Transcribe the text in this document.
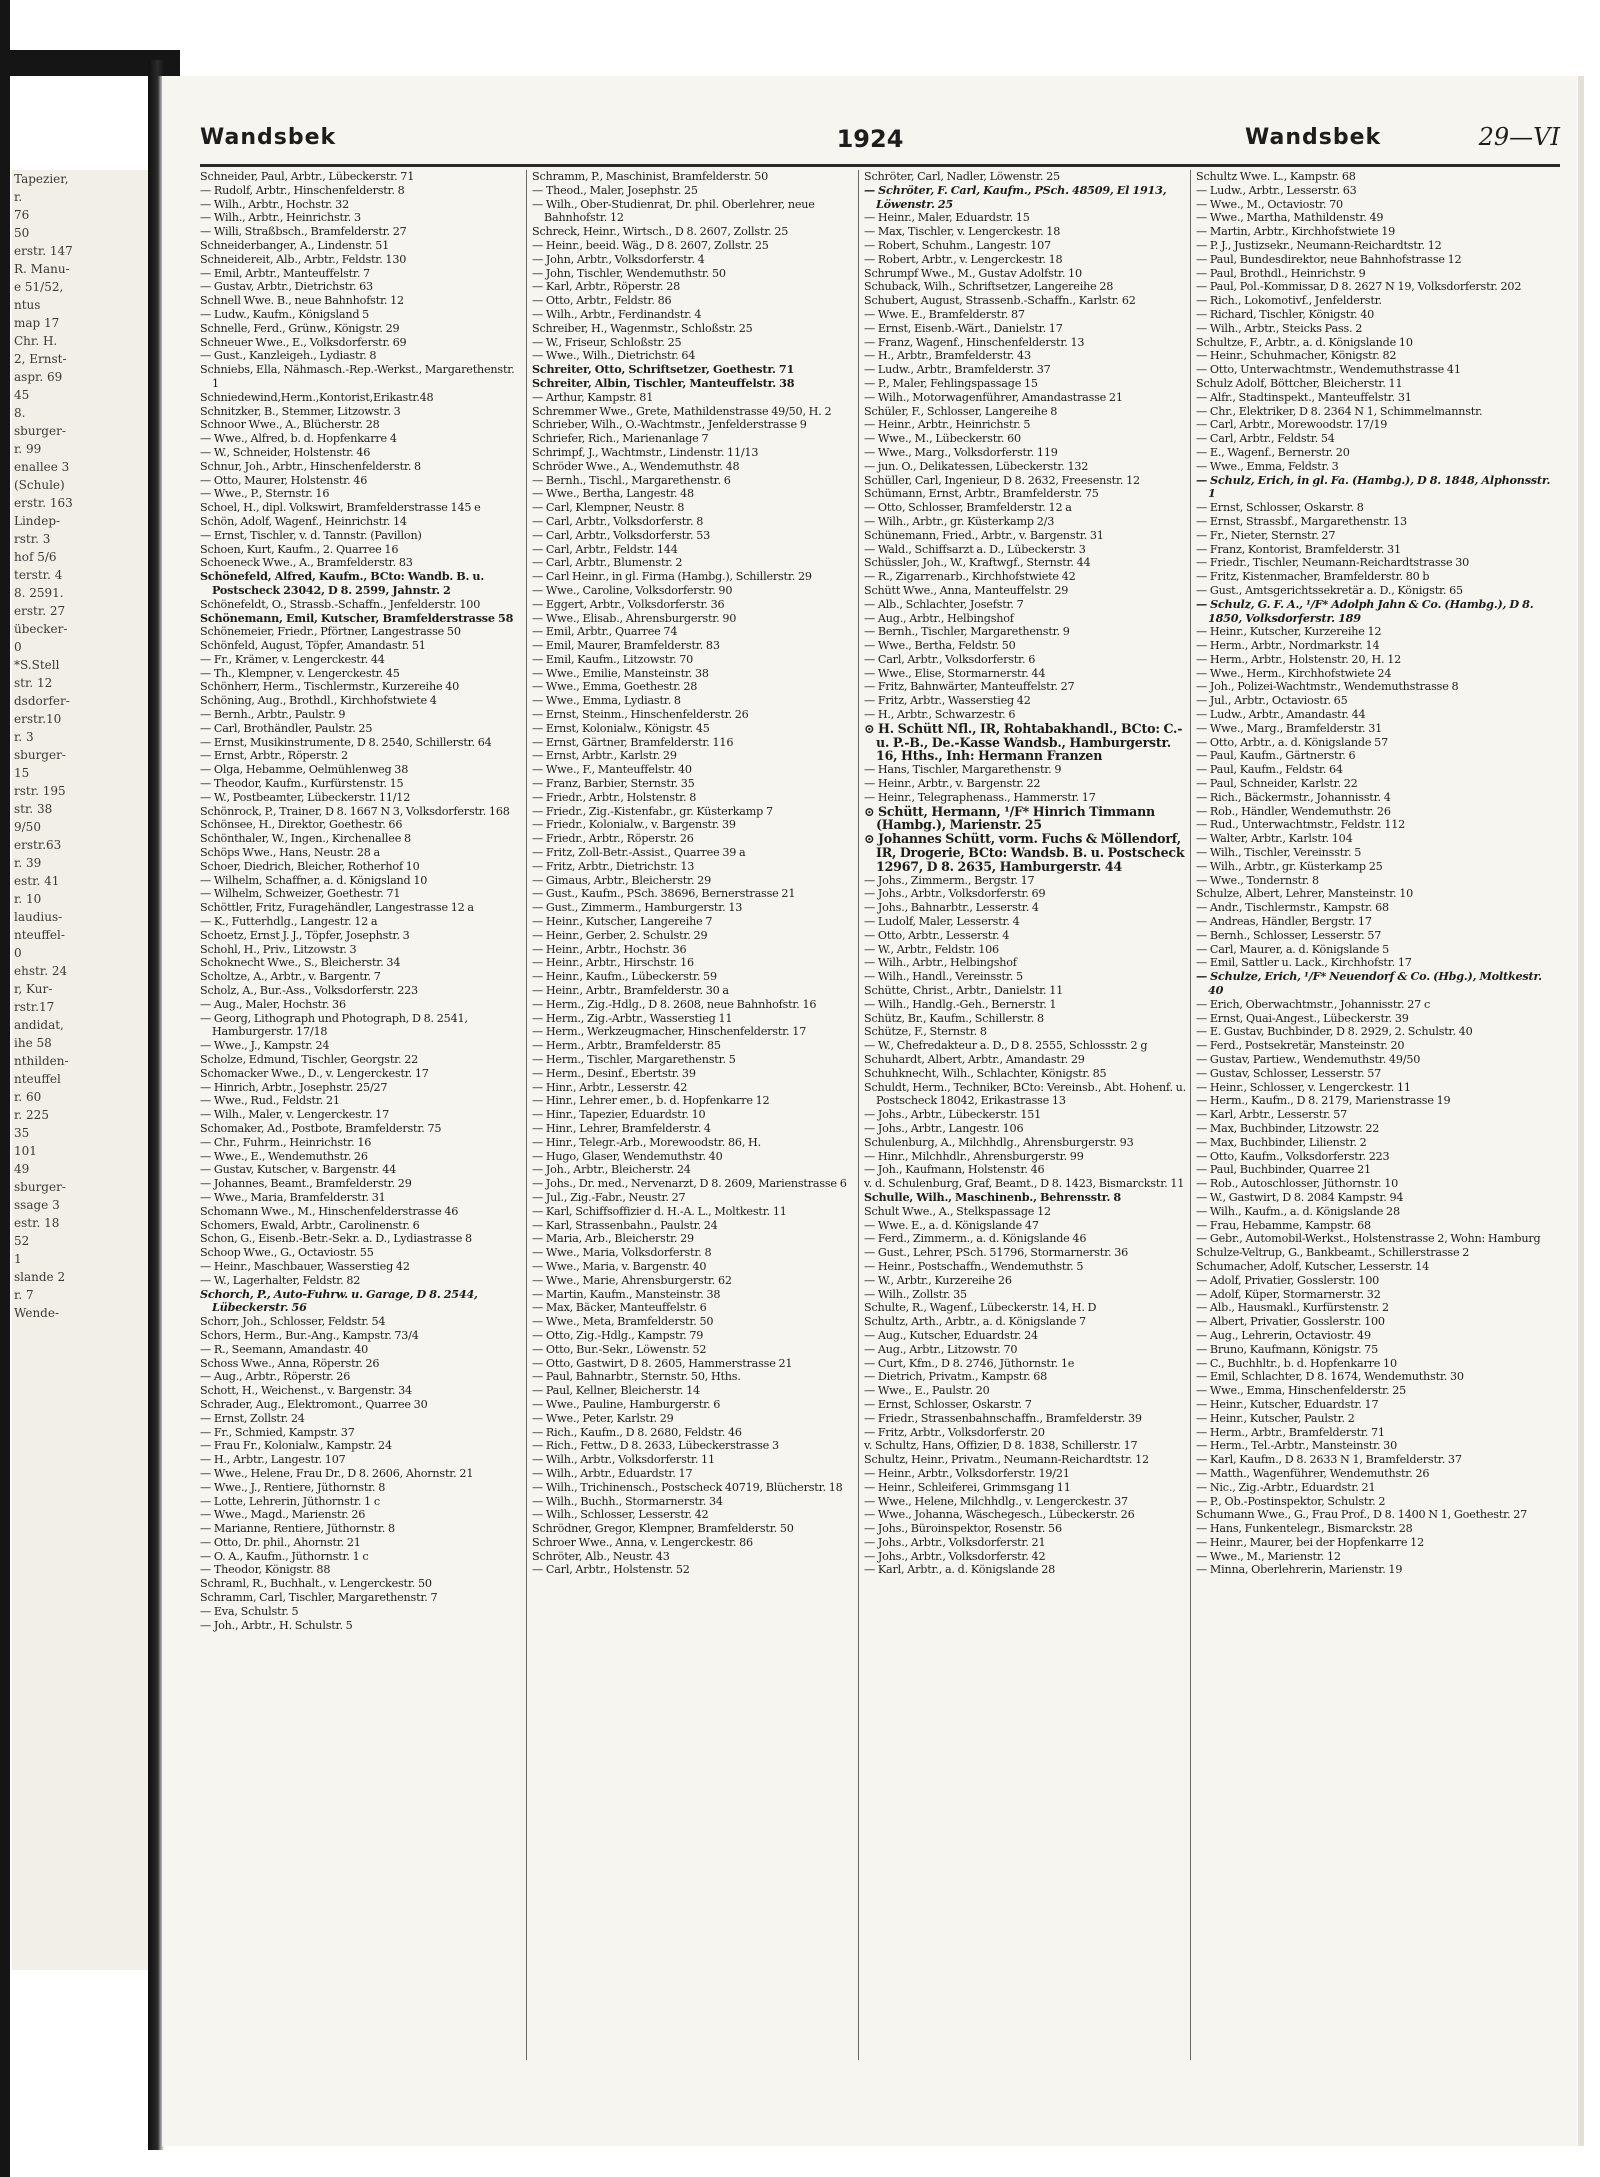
Tapezier,
r.
76
50
erstr. 147
R. Manu-
e 51/52,
ntus
map 17
Chr. H.
2, Ernst-
aspr. 69
45
8.
sburger-
r. 99
enallee 3
(Schule)
erstr. 163
Lindep-
rstr. 3
hof 5/6
terstr. 4
8. 2591.
erstr. 27
übecker-
0
*S.Stell
str. 12
dsdorfer-
erstr.10
r. 3
sburger-
15
rstr. 195
str. 38
9/50
erstr.63
r. 39
estr. 41
r. 10
laudius-
nteuffel-
0
ehstr. 24
r, Kur-
rstr.17
andidat,
ihe 58
nthilden-
nteuffel
r. 60
r. 225
35
101
49
sburger-
ssage 3
estr. 18
52
1
slande 2
r. 7
Wende-
Wandsbek	1924	Wandsbek	29—VI
Schneider, Paul, Arbtr., Lübeckerstr. 71
— Rudolf, Arbtr., Hinschenfelderstr. 8
— Wilh., Arbtr., Hochstr. 32
— Wilh., Arbtr., Heinrichstr. 3
— Willi, Straßbsch., Bramfelderstr. 27
Schneiderbanger, A., Lindenstr. 51
Schneidereit, Alb., Arbtr., Feldstr. 130
— Emil, Arbtr., Manteuffelstr. 7
— Gustav, Arbtr., Dietrichstr. 63
Schnell Wwe. B., neue Bahnhofstr. 12
— Ludw., Kaufm., Königsland 5
Schnelle, Ferd., Grünw., Königstr. 29
Schneuer Wwe., E., Volksdorferstr. 69
— Gust., Kanzleigeh., Lydiastr. 8
Schniebs, Ella, Nähmasch.-Rep.-Werkst., Margarethenstr. 1
Schniedewind,Herm.,Kontorist,Erikastr.48
Schnitzker, B., Stemmer, Litzowstr. 3
Schnoor Wwe., A., Blücherstr. 28
— Wwe., Alfred, b. d. Hopfenkarre 4
— W., Schneider, Holstenstr. 46
Schnur, Joh., Arbtr., Hinschenfelderstr. 8
— Otto, Maurer, Holstenstr. 46
— Wwe., P., Sternstr. 16
Schoel, H., dipl. Volkswirt, Bramfelderstrasse 145 e
Schön, Adolf, Wagenf., Heinrichstr. 14
— Ernst, Tischler, v. d. Tannstr. (Pavillon)
Schoen, Kurt, Kaufm., 2. Quarree 16
Schoeneck Wwe., A., Bramfelderstr. 83
Schönefeld, Alfred, Kaufm., BCto: Wandb. B. u. Postscheck 23042, D 8. 2599, Jahnstr. 2
Schönefeldt, O., Strassb.-Schaffn., Jenfelderstr. 100
Schönemann, Emil, Kutscher, Bramfelderstrasse 58
Schönemeier, Friedr., Pförtner, Langestrasse 50
Schönfeld, August, Töpfer, Amandastr. 51
— Fr., Krämer, v. Lengerckestr. 44
— Th., Klempner, v. Lengerckestr. 45
Schönherr, Herm., Tischlermstr., Kurzereihe 40
Schöning, Aug., Brothdl., Kirchhofstwiete 4
— Bernh., Arbtr., Paulstr. 9
— Carl, Brothändler, Paulstr. 25
— Ernst, Musikinstrumente, D 8. 2540, Schillerstr. 64
— Ernst, Arbtr., Röperstr. 2
— Olga, Hebamme, Oelmühlenweg 38
— Theodor, Kaufm., Kurfürstenstr. 15
— W., Postbeamter, Lübeckerstr. 11/12
Schönrock, P., Trainer, D 8. 1667 N 3, Volksdorferstr. 168
Schönsee, H., Direktor, Goethestr. 66
Schönthaler, W., Ingen., Kirchenallee 8
Schöps Wwe., Hans, Neustr. 28 a
Schoer, Diedrich, Bleicher, Rotherhof 10
— Wilhelm, Schaffner, a. d. Königsland 10
— Wilhelm, Schweizer, Goethestr. 71
Schöttler, Fritz, Furagehändler, Langestrasse 12 a
— K., Futterhdlg., Langestr. 12 a
Schoetz, Ernst J. J., Töpfer, Josephstr. 3
Schohl, H., Priv., Litzowstr. 3
Schoknecht Wwe., S., Bleicherstr. 34
Scholtze, A., Arbtr., v. Bargentr. 7
Scholz, A., Bur.-Ass., Volksdorferstr. 223
— Aug., Maler, Hochstr. 36
— Georg, Lithograph und Photograph, D 8. 2541, Hamburgerstr. 17/18
— Wwe., J., Kampstr. 24
Scholze, Edmund, Tischler, Georgstr. 22
Schomacker Wwe., D., v. Lengerckestr. 17
— Hinrich, Arbtr., Josephstr. 25/27
— Wwe., Rud., Feldstr. 21
— Wilh., Maler, v. Lengerckestr. 17
Schomaker, Ad., Postbote, Bramfelderstr. 75
— Chr., Fuhrm., Heinrichstr. 16
— Wwe., E., Wendemuthstr. 26
— Gustav, Kutscher, v. Bargenstr. 44
— Johannes, Beamt., Bramfelderstr. 29
— Wwe., Maria, Bramfelderstr. 31
Schomann Wwe., M., Hinschenfelderstrasse 46
Schomers, Ewald, Arbtr., Carolinenstr. 6
Schon, G., Eisenb.-Betr.-Sekr. a. D., Lydiastrasse 8
Schoop Wwe., G., Octaviostr. 55
— Heinr., Maschbauer, Wasserstieg 42
— W., Lagerhalter, Feldstr. 82
Schorch, P., Auto-Fuhrw. u. Garage, D 8. 2544, Lübeckerstr. 56
Schorr, Joh., Schlosser, Feldstr. 54
Schors, Herm., Bur.-Ang., Kampstr. 73/4
— R., Seemann, Amandastr. 40
Schoss Wwe., Anna, Röperstr. 26
— Aug., Arbtr., Röperstr. 26
Schott, H., Weichenst., v. Bargenstr. 34
Schrader, Aug., Elektromont., Quarree 30
— Ernst, Zollstr. 24
— Fr., Schmied, Kampstr. 37
— Frau Fr., Kolonialw., Kampstr. 24
— H., Arbtr., Langestr. 107
— Wwe., Helene, Frau Dr., D 8. 2606, Ahornstr. 21
— Wwe., J., Rentiere, Jüthornstr. 8
— Lotte, Lehrerin, Jüthornstr. 1 c
— Wwe., Magd., Marienstr. 26
— Marianne, Rentiere, Jüthornstr. 8
— Otto, Dr. phil., Ahornstr. 21
— O. A., Kaufm., Jüthornstr. 1 c
— Theodor, Königstr. 88
Schraml, R., Buchhalt., v. Lengerckestr. 50
Schramm, Carl, Tischler, Margarethenstr. 7
— Eva, Schulstr. 5
— Joh., Arbtr., H. Schulstr. 5
Schramm, P., Maschinist, Bramfelderstr. 50
— Theod., Maler, Josephstr. 25
— Wilh., Ober-Studienrat, Dr. phil. Oberlehrer, neue Bahnhofstr. 12
Schreck, Heinr., Wirtsch., D 8. 2607, Zollstr. 25
— Heinr., beeid. Wäg., D 8. 2607, Zollstr. 25
— John, Arbtr., Volksdorferstr. 4
— John, Tischler, Wendemuthstr. 50
— Karl, Arbtr., Röperstr. 28
— Otto, Arbtr., Feldstr. 86
— Wilh., Arbtr., Ferdinandstr. 4
Schreiber, H., Wagenmstr., Schloßstr. 25
— W., Friseur, Schloßstr. 25
— Wwe., Wilh., Dietrichstr. 64
Schreiter, Otto, Schriftsetzer, Goethestr. 71
Schreiter, Albin, Tischler, Manteuffelstr. 38
— Arthur, Kampstr. 81
Schremmer Wwe., Grete, Mathildenstrasse 49/50, H. 2
Schrieber, Wilh., O.-Wachtmstr., Jenfelderstrasse 9
Schriefer, Rich., Marienanlage 7
Schrimpf, J., Wachtmstr., Lindenstr. 11/13
Schröder Wwe., A., Wendemuthstr. 48
— Bernh., Tischl., Margarethenstr. 6
— Wwe., Bertha, Langestr. 48
— Carl, Klempner, Neustr. 8
— Carl, Arbtr., Volksdorferstr. 8
— Carl, Arbtr., Volksdorferstr. 53
— Carl, Arbtr., Feldstr. 144
— Carl, Arbtr., Blumenstr. 2
— Carl Heinr., in gl. Firma (Hambg.), Schillerstr. 29
— Wwe., Caroline, Volksdorferstr. 90
— Eggert, Arbtr., Volksdorferstr. 36
— Wwe., Elisab., Ahrensburgerstr. 90
— Emil, Arbtr., Quarree 74
— Emil, Maurer, Bramfelderstr. 83
— Emil, Kaufm., Litzowstr. 70
— Wwe., Emilie, Mansteinstr. 38
— Wwe., Emma, Goethestr. 28
— Wwe., Emma, Lydiastr. 8
— Ernst, Steinm., Hinschenfelderstr. 26
— Ernst, Kolonialw., Königstr. 45
— Ernst, Gärtner, Bramfelderstr. 116
— Ernst, Arbtr., Karlstr. 29
— Wwe., F., Manteuffelstr. 40
— Franz, Barbier, Sternstr. 35
— Friedr., Arbtr., Holstenstr. 8
— Friedr., Zig.-Kistenfabr., gr. Küsterkamp 7
— Friedr., Kolonialw., v. Bargenstr. 39
— Friedr., Arbtr., Röperstr. 26
— Fritz, Zoll-Betr.-Assist., Quarree 39 a
— Fritz, Arbtr., Dietrichstr. 13
— Gimaus, Arbtr., Bleicherstr. 29
— Gust., Kaufm., PSch. 38696, Bernerstrasse 21
— Gust., Zimmerm., Hamburgerstr. 13
— Heinr., Kutscher, Langereihe 7
— Heinr., Gerber, 2. Schulstr. 29
— Heinr., Arbtr., Hochstr. 36
— Heinr., Arbtr., Hirschstr. 16
— Heinr., Kaufm., Lübeckerstr. 59
— Heinr., Arbtr., Bramfelderstr. 30 a
— Herm., Zig.-Hdlg., D 8. 2608, neue Bahnhofstr. 16
— Herm., Zig.-Arbtr., Wasserstieg 11
— Herm., Werkzeugmacher, Hinschenfelderstr. 17
— Herm., Arbtr., Bramfelderstr. 85
— Herm., Tischler, Margarethenstr. 5
— Herm., Desinf., Ebertstr. 39
— Hinr., Arbtr., Lesserstr. 42
— Hinr., Lehrer emer., b. d. Hopfenkarre 12
— Hinr., Tapezier, Eduardstr. 10
— Hinr., Lehrer, Bramfelderstr. 4
— Hinr., Telegr.-Arb., Morewoodstr. 86, H.
— Hugo, Glaser, Wendemuthstr. 40
— Joh., Arbtr., Bleicherstr. 24
— Johs., Dr. med., Nervenarzt, D 8. 2609, Marienstrasse 6
— Jul., Zig.-Fabr., Neustr. 27
— Karl, Schiffsoffizier d. H.-A. L., Moltkestr. 11
— Karl, Strassenbahn., Paulstr. 24
— Maria, Arb., Bleicherstr. 29
— Wwe., Maria, Volksdorferstr. 8
— Wwe., Maria, v. Bargenstr. 40
— Wwe., Marie, Ahrensburgerstr. 62
— Martin, Kaufm., Mansteinstr. 38
— Max, Bäcker, Manteuffelstr. 6
— Wwe., Meta, Bramfelderstr. 50
— Otto, Zig.-Hdlg., Kampstr. 79
— Otto, Bur.-Sekr., Löwenstr. 52
— Otto, Gastwirt, D 8. 2605, Hammerstrasse 21
— Paul, Bahnarbtr., Sternstr. 50, Hths.
— Paul, Kellner, Bleicherstr. 14
— Wwe., Pauline, Hamburgerstr. 6
— Wwe., Peter, Karlstr. 29
— Rich., Kaufm., D 8. 2680, Feldstr. 46
— Rich., Fettw., D 8. 2633, Lübeckerstrasse 3
— Wilh., Arbtr., Volksdorferstr. 11
— Wilh., Arbtr., Eduardstr. 17
— Wilh., Trichinensch., Postscheck 40719, Blücherstr. 18
— Wilh., Buchh., Stormarnerstr. 34
— Wilh., Schlosser, Lesserstr. 42
Schrödner, Gregor, Klempner, Bramfelderstr. 50
Schroer Wwe., Anna, v. Lengerckestr. 86
Schröter, Alb., Neustr. 43
— Carl, Arbtr., Holstenstr. 52
Schröter, Carl, Nadler, Löwenstr. 25
— Schröter, F. Carl, Kaufm., PSch. 48509, El 1913, Löwenstr. 25
— Heinr., Maler, Eduardstr. 15
— Max, Tischler, v. Lengerckestr. 18
— Robert, Schuhm., Langestr. 107
— Robert, Arbtr., v. Lengerckestr. 18
Schrumpf Wwe., M., Gustav Adolfstr. 10
Schuback, Wilh., Schriftsetzer, Langereihe 28
Schubert, August, Strassenb.-Schaffn., Karlstr. 62
— Wwe. E., Bramfelderstr. 87
— Ernst, Eisenb.-Wärt., Danielstr. 17
— Franz, Wagenf., Hinschenfelderstr. 13
— H., Arbtr., Bramfelderstr. 43
— Ludw., Arbtr., Bramfelderstr. 37
— P., Maler, Fehlingspassage 15
— Wilh., Motorwagenführer, Amandastrasse 21
Schüler, F., Schlosser, Langereihe 8
— Heinr., Arbtr., Heinrichstr. 5
— Wwe., M., Lübeckerstr. 60
— Wwe., Marg., Volksdorferstr. 119
— jun. O., Delikatessen, Lübeckerstr. 132
Schüller, Carl, Ingenieur, D 8. 2632, Freesenstr. 12
Schümann, Ernst, Arbtr., Bramfelderstr. 75
— Otto, Schlosser, Bramfelderstr. 12 a
— Wilh., Arbtr., gr. Küsterkamp 2/3
Schünemann, Fried., Arbtr., v. Bargenstr. 31
— Wald., Schiffsarzt a. D., Lübeckerstr. 3
Schüssler, Joh., W., Kraftwgf., Sternstr. 44
— R., Zigarrenarb., Kirchhofstwiete 42
Schütt Wwe., Anna, Manteuffelstr. 29
— Alb., Schlachter, Josefstr. 7
— Aug., Arbtr., Helbingshof
— Bernh., Tischler, Margarethenstr. 9
— Wwe., Bertha, Feldstr. 50
— Carl, Arbtr., Volksdorferstr. 6
— Wwe., Elise, Stormarnerstr. 44
— Fritz, Bahnwärter, Manteuffelstr. 27
— Fritz, Arbtr., Wasserstieg 42
— H., Arbtr., Schwarzestr. 6
⊙ H. Schütt Nfl., IR, Rohtabakhandl., BCto: C.- u. P.-B., De.-Kasse Wandsb., Hamburgerstr. 16, Hths., Inh: Hermann Franzen
— Hans, Tischler, Margarethenstr. 9
— Heinr., Arbtr., v. Bargenstr. 22
— Heinr., Telegraphenass., Hammerstr. 17
⊙ Schütt, Hermann, ¹/F* Hinrich Timmann (Hambg.), Marienstr. 25
⊙ Johannes Schütt, vorm. Fuchs & Möllendorf, IR, Drogerie, BCto: Wandsb. B. u. Postscheck 12967, D 8. 2635, Hamburgerstr. 44
— Johs., Zimmerm., Bergstr. 17
— Johs., Arbtr., Volksdorferstr. 69
— Johs., Bahnarbtr., Lesserstr. 4
— Ludolf, Maler, Lesserstr. 4
— Otto, Arbtr., Lesserstr. 4
— W., Arbtr., Feldstr. 106
— Wilh., Arbtr., Helbingshof
— Wilh., Handl., Vereinsstr. 5
Schütte, Christ., Arbtr., Danielstr. 11
— Wilh., Handlg.-Geh., Bernerstr. 1
Schütz, Br., Kaufm., Schillerstr. 8
Schütze, F., Sternstr. 8
— W., Chefredakteur a. D., D 8. 2555, Schlossstr. 2 g
Schuhardt, Albert, Arbtr., Amandastr. 29
Schuhknecht, Wilh., Schlachter, Königstr. 85
Schuldt, Herm., Techniker, BCto: Vereinsb., Abt. Hohenf. u. Postscheck 18042, Erikastrasse 13
— Johs., Arbtr., Lübeckerstr. 151
— Johs., Arbtr., Langestr. 106
Schulenburg, A., Milchhdlg., Ahrensburgerstr. 93
— Hinr., Milchhdlr., Ahrensburgerstr. 99
— Joh., Kaufmann, Holstenstr. 46
v. d. Schulenburg, Graf, Beamt., D 8. 1423, Bismarckstr. 11
Schulle, Wilh., Maschinenb., Behrensstr. 8
Schult Wwe., A., Stelkspassage 12
— Wwe. E., a. d. Königslande 47
— Ferd., Zimmerm., a. d. Königslande 46
— Gust., Lehrer, PSch. 51796, Stormarnerstr. 36
— Heinr., Postschaffn., Wendemuthstr. 5
— W., Arbtr., Kurzereihe 26
— Wilh., Zollstr. 35
Schulte, R., Wagenf., Lübeckerstr. 14, H. D
Schultz, Arth., Arbtr., a. d. Königslande 7
— Aug., Kutscher, Eduardstr. 24
— Aug., Arbtr., Litzowstr. 70
— Curt, Kfm., D 8. 2746, Jüthornstr. 1e
— Dietrich, Privatm., Kampstr. 68
— Wwe., E., Paulstr. 20
— Ernst, Schlosser, Oskarstr. 7
— Friedr., Strassenbahnschaffn., Bramfelderstr. 39
— Fritz, Arbtr., Volksdorferstr. 20
v. Schultz, Hans, Offizier, D 8. 1838, Schillerstr. 17
Schultz, Heinr., Privatm., Neumann-Reichardtstr. 12
— Heinr., Arbtr., Volksdorferstr. 19/21
— Heinr., Schleiferei, Grimmsgang 11
— Wwe., Helene, Milchhdlg., v. Lengerckestr. 37
— Wwe., Johanna, Wäschegesch., Lübeckerstr. 26
— Johs., Büroinspektor, Rosenstr. 56
— Johs., Arbtr., Volksdorferstr. 21
— Johs., Arbtr., Volksdorferstr. 42
— Karl, Arbtr., a. d. Königslande 28
Schultz Wwe. L., Kampstr. 68
— Ludw., Arbtr., Lesserstr. 63
— Wwe., M., Octaviostr. 70
— Wwe., Martha, Mathildenstr. 49
— Martin, Arbtr., Kirchhofstwiete 19
— P. J., Justizsekr., Neumann-Reichardtstr. 12
— Paul, Bundesdirektor, neue Bahnhofstrasse 12
— Paul, Brothdl., Heinrichstr. 9
— Paul, Pol.-Kommissar, D 8. 2627 N 19, Volksdorferstr. 202
— Rich., Lokomotivf., Jenfelderstr.
— Richard, Tischler, Königstr. 40
— Wilh., Arbtr., Steicks Pass. 2
Schultze, F., Arbtr., a. d. Königslande 10
— Heinr., Schuhmacher, Königstr. 82
— Otto, Unterwachtmstr., Wendemuthstrasse 41
Schulz Adolf, Böttcher, Bleicherstr. 11
— Alfr., Stadtinspekt., Manteuffelstr. 31
— Chr., Elektriker, D 8. 2364 N 1, Schimmelmannstr.
— Carl, Arbtr., Morewoodstr. 17/19
— Carl, Arbtr., Feldstr. 54
— E., Wagenf., Bernerstr. 20
— Wwe., Emma, Feldstr. 3
— Schulz, Erich, in gl. Fa. (Hambg.), D 8. 1848, Alphonsstr. 1
— Ernst, Schlosser, Oskarstr. 8
— Ernst, Strassbf., Margarethenstr. 13
— Fr., Nieter, Sternstr. 27
— Franz, Kontorist, Bramfelderstr. 31
— Friedr., Tischler, Neumann-Reichardtstrasse 30
— Fritz, Kistenmacher, Bramfelderstr. 80 b
— Gust., Amtsgerichtssekretär a. D., Königstr. 65
— Schulz, G. F. A., ¹/F* Adolph Jahn & Co. (Hambg.), D 8. 1850, Volksdorferstr. 189
— Heinr., Kutscher, Kurzereihe 12
— Herm., Arbtr., Nordmarkstr. 14
— Herm., Arbtr., Holstenstr. 20, H. 12
— Wwe., Herm., Kirchhofstwiete 24
— Joh., Polizei-Wachtmstr., Wendemuthstrasse 8
— Jul., Arbtr., Octaviostr. 65
— Ludw., Arbtr., Amandastr. 44
— Wwe., Marg., Bramfelderstr. 31
— Otto, Arbtr., a. d. Königslande 57
— Paul, Kaufm., Gärtnerstr. 6
— Paul, Kaufm., Feldstr. 64
— Paul, Schneider, Karlstr. 22
— Rich., Bäckermstr., Johannisstr. 4
— Rob., Händler, Wendemuthstr. 26
— Rud., Unterwachtmstr., Feldstr. 112
— Walter, Arbtr., Karlstr. 104
— Wilh., Tischler, Vereinsstr. 5
— Wilh., Arbtr., gr. Küsterkamp 25
— Wwe., Tondernstr. 8
Schulze, Albert, Lehrer, Mansteinstr. 10
— Andr., Tischlermstr., Kampstr. 68
— Andreas, Händler, Bergstr. 17
— Bernh., Schlosser, Lesserstr. 57
— Carl, Maurer, a. d. Königslande 5
— Emil, Sattler u. Lack., Kirchhofstr. 17
— Schulze, Erich, ¹/F* Neuendorf & Co. (Hbg.), Moltkestr. 40
— Erich, Oberwachtmstr., Johannisstr. 27 c
— Ernst, Quai-Angest., Lübeckerstr. 39
— E. Gustav, Buchbinder, D 8. 2929, 2. Schulstr. 40
— Ferd., Postsekretär, Mansteinstr. 20
— Gustav, Partiew., Wendemuthstr. 49/50
— Gustav, Schlosser, Lesserstr. 57
— Heinr., Schlosser, v. Lengerckestr. 11
— Herm., Kaufm., D 8. 2179, Marienstrasse 19
— Karl, Arbtr., Lesserstr. 57
— Max, Buchbinder, Litzowstr. 22
— Max, Buchbinder, Lilienstr. 2
— Otto, Kaufm., Volksdorferstr. 223
— Paul, Buchbinder, Quarree 21
— Rob., Autoschlosser, Jüthornstr. 10
— W., Gastwirt, D 8. 2084 Kampstr. 94
— Wilh., Kaufm., a. d. Königslande 28
— Frau, Hebamme, Kampstr. 68
— Gebr., Automobil-Werkst., Holstenstrasse 2, Wohn: Hamburg
Schulze-Veltrup, G., Bankbeamt., Schillerstrasse 2
Schumacher, Adolf, Kutscher, Lesserstr. 14
— Adolf, Privatier, Gosslerstr. 100
— Adolf, Küper, Stormarnerstr. 32
— Alb., Hausmakl., Kurfürstenstr. 2
— Albert, Privatier, Gosslerstr. 100
— Aug., Lehrerin, Octaviostr. 49
— Bruno, Kaufmann, Königstr. 75
— C., Buchhltr., b. d. Hopfenkarre 10
— Emil, Schlachter, D 8. 1674, Wendemuthstr. 30
— Wwe., Emma, Hinschenfelderstr. 25
— Heinr., Kutscher, Eduardstr. 17
— Heinr., Kutscher, Paulstr. 2
— Herm., Arbtr., Bramfelderstr. 71
— Herm., Tel.-Arbtr., Mansteinstr. 30
— Karl, Kaufm., D 8. 2633 N 1, Bramfelderstr. 37
— Matth., Wagenführer, Wendemuthstr. 26
— Nic., Zig.-Arbtr., Eduardstr. 21
— P., Ob.-Postinspektor, Schulstr. 2
Schumann Wwe., G., Frau Prof., D 8. 1400 N 1, Goethestr. 27
— Hans, Funkentelegr., Bismarckstr. 28
— Heinr., Maurer, bei der Hopfenkarre 12
— Wwe., M., Marienstr. 12
— Minna, Oberlehrerin, Marienstr. 19
